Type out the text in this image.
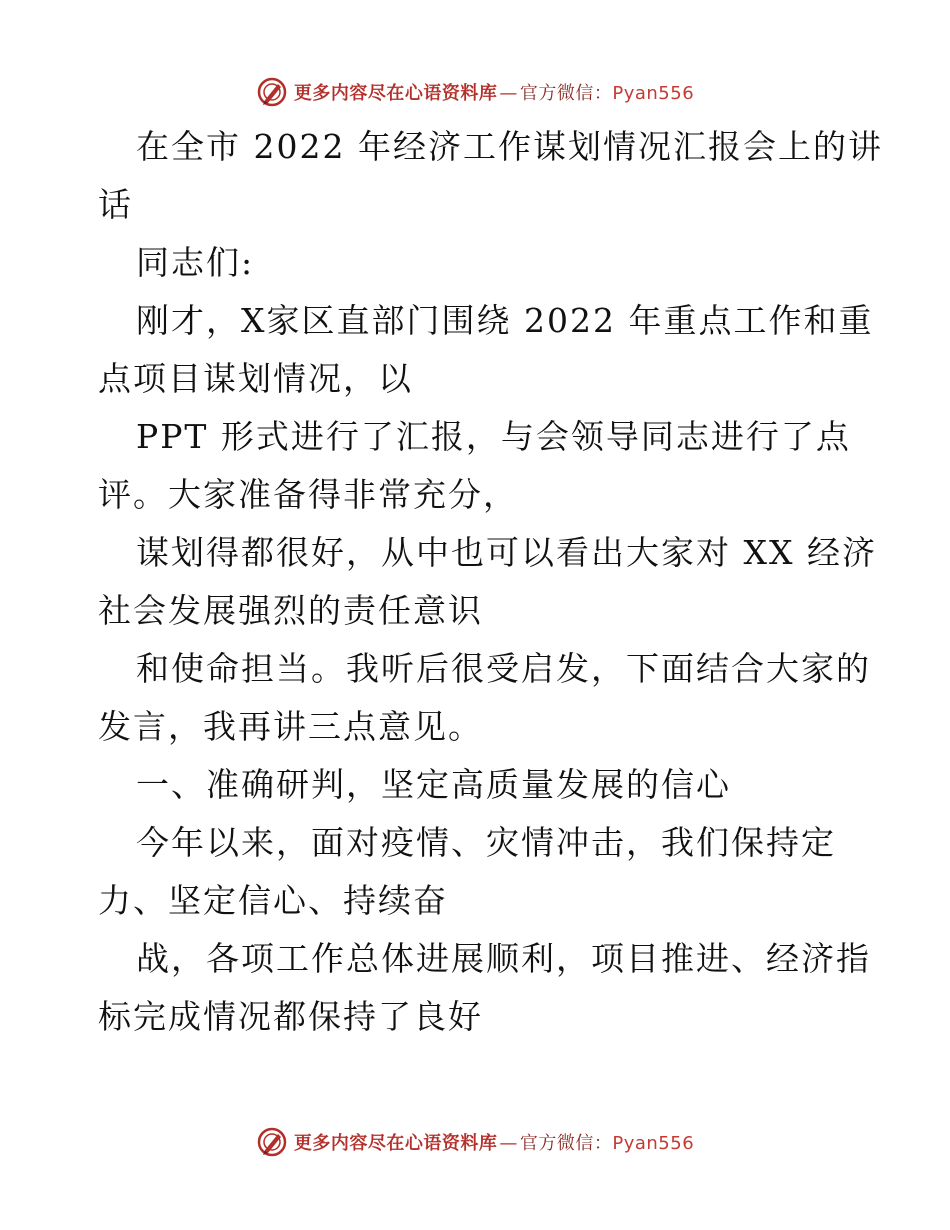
更多内容尽在心语资料库 — 官方微信：Pyan556
在全市 2022 年经济工作谋划情况汇报会上的讲
话
同志们:
刚才，X家区直部门围绕 2022 年重点工作和重
点项目谋划情况，以
PPT 形式进行了汇报，与会领导同志进行了点
评。大家准备得非常充分，
谋划得都很好，从中也可以看出大家对 XX 经济
社会发展强烈的责任意识
和使命担当。我听后很受启发，下面结合大家的
发言，我再讲三点意见。
一、准确研判，坚定高质量发展的信心
今年以来，面对疫情、灾情冲击，我们保持定
力、坚定信心、持续奋
战，各项工作总体进展顺利，项目推进、经济指
标完成情况都保持了良好
更多内容尽在心语资料库 — 官方微信：Pyan556
